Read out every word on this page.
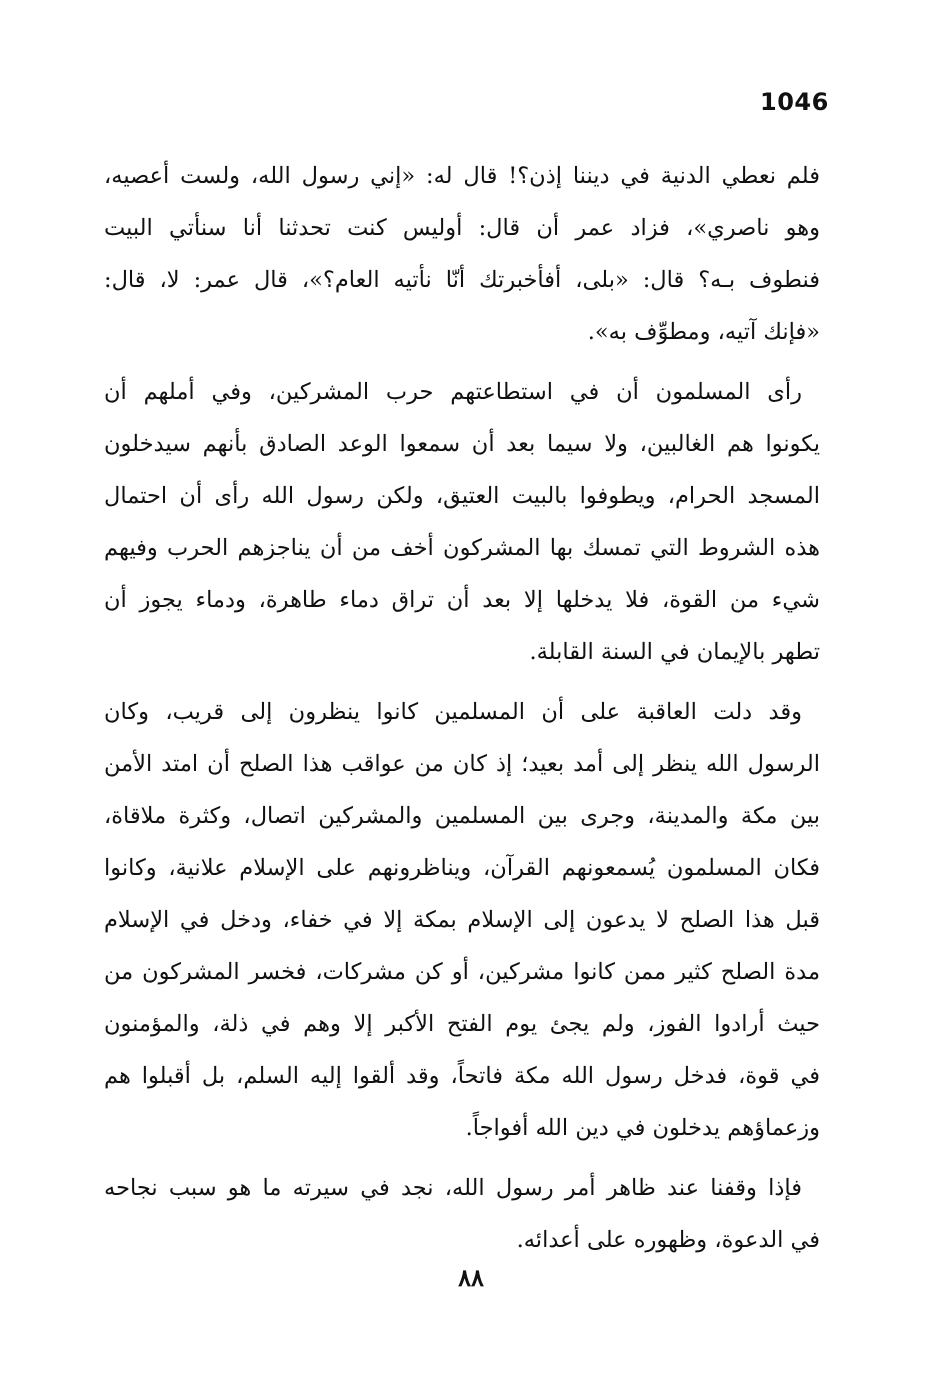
1046
فلم نعطي الدنية في ديننا إذن؟! قال له: «إني رسول الله، ولست أعصيه،
وهو ناصري»، فزاد عمر أن قال: أوليس كنت تحدثنا أنا سنأتي البيت
فنطوف بـه؟ قال: «بلى، أفأخبرتك أنّا نأتيه العام؟»، قال عمر: لا، قال:
«فإنك آتيه، ومطوِّف به».
رأى المسلمون أن في استطاعتهم حرب المشركين، وفي أملهم أن
يكونوا هم الغالبين، ولا سيما بعد أن سمعوا الوعد الصادق بأنهم سيدخلون
المسجد الحرام، ويطوفوا بالبيت العتيق، ولكن رسول الله رأى أن احتمال
هذه الشروط التي تمسك بها المشركون أخف من أن يناجزهم الحرب وفيهم
شيء من القوة، فلا يدخلها إلا بعد أن تراق دماء طاهرة، ودماء يجوز أن
تطهر بالإيمان في السنة القابلة.
وقد دلت العاقبة على أن المسلمين كانوا ينظرون إلى قريب، وكان
الرسول الله ينظر إلى أمد بعيد؛ إذ كان من عواقب هذا الصلح أن امتد الأمن
بين مكة والمدينة، وجرى بين المسلمين والمشركين اتصال، وكثرة ملاقاة،
فكان المسلمون يُسمعونهم القرآن، ويناظرونهم على الإسلام علانية، وكانوا
قبل هذا الصلح لا يدعون إلى الإسلام بمكة إلا في خفاء، ودخل في الإسلام
مدة الصلح كثير ممن كانوا مشركين، أو كن مشركات، فخسر المشركون من
حيث أرادوا الفوز، ولم يجئ يوم الفتح الأكبر إلا وهم في ذلة، والمؤمنون
في قوة، فدخل رسول الله مكة فاتحاً، وقد ألقوا إليه السلم، بل أقبلوا هم
وزعماؤهم يدخلون في دين الله أفواجاً.
فإذا وقفنا عند ظاهر أمر رسول الله، نجد في سيرته ما هو سبب نجاحه
في الدعوة، وظهوره على أعدائه.
٨٨
